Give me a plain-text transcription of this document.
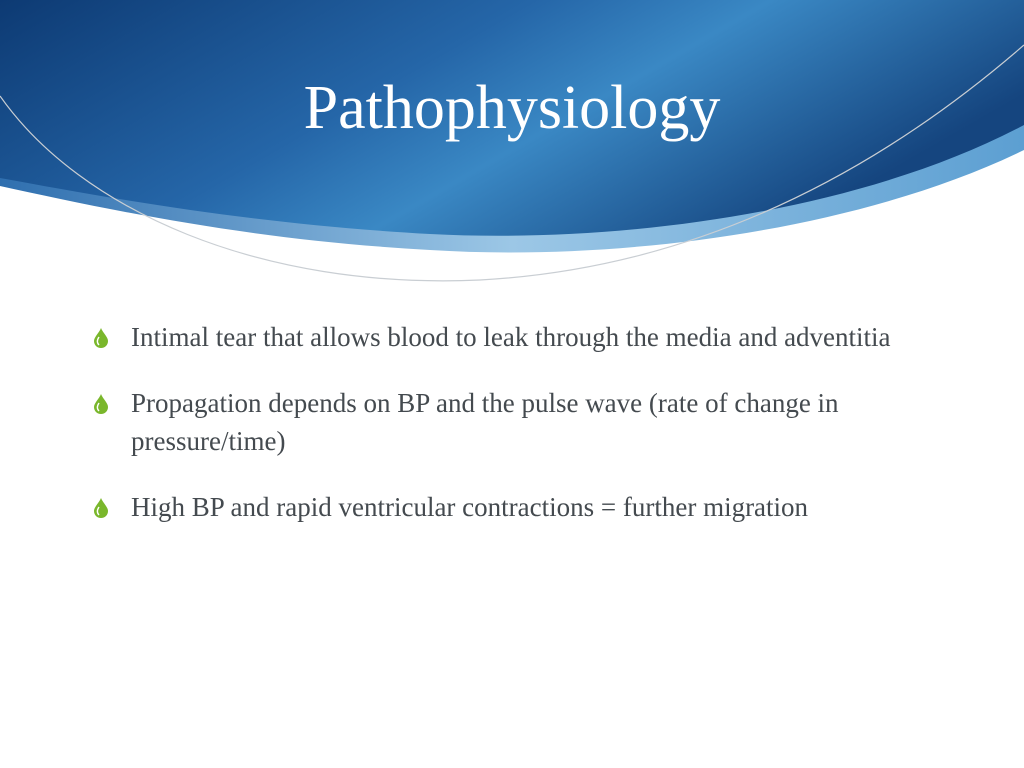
Pathophysiology
Intimal tear that allows blood to leak through the media and adventitia
Propagation depends on BP and the pulse wave (rate of change in pressure/time)
High BP and rapid ventricular contractions = further migration
